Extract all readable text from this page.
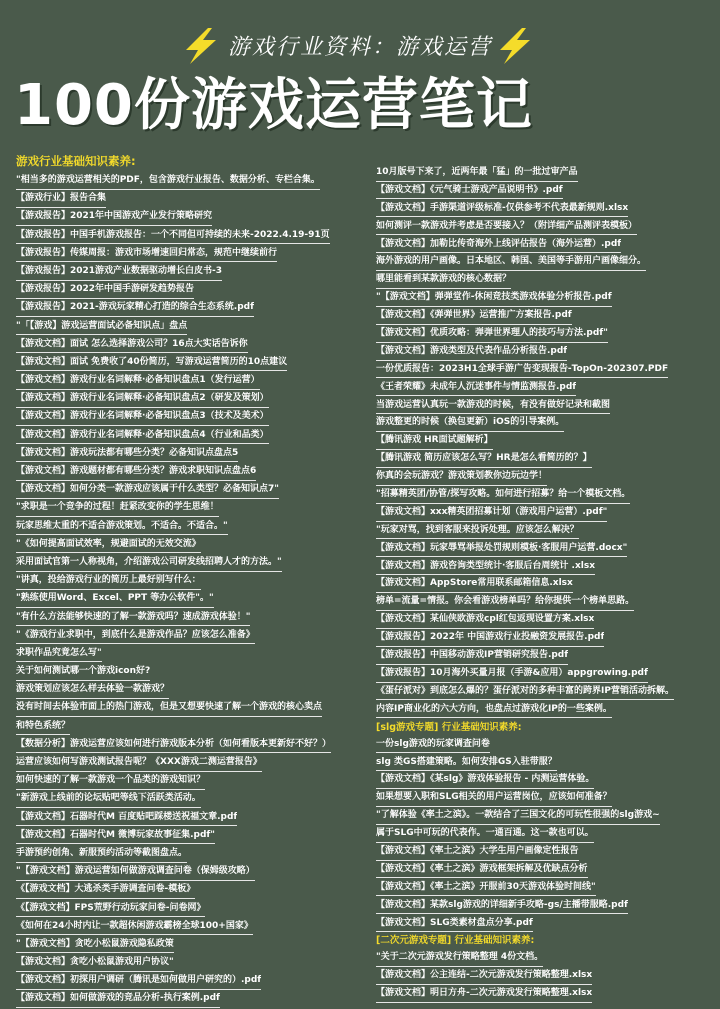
游戏行业资料：游戏运营
100份游戏运营笔记
游戏行业基础知识素养:
"相当多的游戏运营相关的PDF，包含游戏行业报告、数据分析、专栏合集。
【游戏行业】报告合集
【游戏报告】2021年中国游戏产业发行策略研究
【游戏报告】中国手机游戏报告：一个不同但可持续的未来-2022.4.19-91页
【游戏报告】传媒周报：游戏市场增速回归常态，规范中继续前行
【游戏报告】2021游戏产业数据驱动增长白皮书-3
【游戏报告】2022年中国手游研发趋势报告
【游戏报告】2021-游戏玩家精心打造的综合生态系统.pdf
"「【游戏】游戏运营面试必备知识点」盘点
【游戏文档】面试 怎么选择游戏公司？16点大实话告诉你
【游戏文档】面试 免费收了40份简历，写游戏运营简历的10点建议
【游戏文档】游戏行业名词解释·必备知识盘点1（发行运营）
【游戏文档】游戏行业名词解释·必备知识盘点2（研发及策划）
【游戏文档】游戏行业名词解释·必备知识盘点3（技术及美术）
【游戏文档】游戏行业名词解释·必备知识盘点4（行业和品类）
【游戏文档】游戏玩法都有哪些分类？必备知识点盘点5
【游戏文档】游戏题材都有哪些分类？游戏求职知识点盘点6
【游戏文档】如何分类一款游戏应该属于什么类型？必备知识点7"
"求职是一个竞争的过程！赶紧改变你的学生思维！
玩家思维太重的不适合游戏策划。不适合。不适合。"
"《如何提高面试效率，规避面试的无效交流》
采用面试官第一人称视角，介绍游戏公司研发线招聘人才的方法。"
"讲真，投给游戏行业的简历上最好别写什么：
"熟练使用Word、Excel、PPT 等办公软件"。"
"有什么方法能够快速的了解一款游戏吗？速成游戏体验！"
"《游戏行业求职中，到底什么是游戏作品？应该怎么准备》
求职作品究竟怎么写"
关于如何测试哪一个游戏icon好?
游戏策划应该怎么样去体验一款游戏？
没有时间去体验市面上的热门游戏，但是又想要快速了解一个游戏的核心卖点
和特色系统？
【数据分析】游戏运营应该如何进行游戏版本分析（如何看版本更新好不好？）
运营应该如何写游戏测试报告呢？《XXX游戏二测运营报告》
如何快速的了解一款游戏一个品类的游戏知识？
"新游戏上线前的论坛贴吧等线下活跃类活动。
【游戏文档】石器时代M 百度贴吧踩楼送祝福文章.pdf
【游戏文档】石器时代M 微博玩家故事征集.pdf"
手游预约创角、新服预约活动等截图盘点。
"【游戏文档】游戏运营如何做游戏调查问卷（保姆级攻略）
《【游戏文档】大逃杀类手游调查问卷-模板》
《【游戏文档】FPS荒野行动玩家问卷-问卷网》
《如何在24小时内让一款超休闲游戏霸榜全球100+国家》
"【游戏文档】贪吃小松鼠游戏隐私政策
【游戏文档】贪吃小松鼠游戏用户协议"
【游戏文档】初探用户调研（腾讯是如何做用户研究的）.pdf
【游戏文档】如何做游戏的竞品分析-执行案例.pdf
10月版号下来了，近两年最「猛」的一批过审产品
【游戏文档】《元气骑士游戏产品说明书》.pdf
【游戏文档】手游渠道评级标准-仅供参考不代表最新规则.xlsx
如何测评一款游戏并考虑是否要接入？（附详细产品测评表模板）
【游戏文档】加勒比传奇海外上线评估报告（海外运营）.pdf
海外游戏的用户画像。日本地区、韩国、美国等手游用户画像细分。
哪里能看到某款游戏的核心数据？
"【游戏文档】弹弹堂作-休闲竞技类游戏体验分析报告.pdf
【游戏文档】《弹弹世界》运营推广方案报告.pdf
【游戏文档】优质攻略：弹弹世界理人的技巧与方法.pdf"
【游戏文档】游戏类型及代表作品分析报告.pdf
一份优质报告：2023H1全球手游广告变现报告-TopOn-202307.PDF
《王者荣耀》未成年人沉迷事件与情监测报告.pdf
当游戏运营认真玩一款游戏的时候，有没有做好记录和截图
游戏整更的时候（换包更新）iOS的引导案例。
【腾讯游戏 HR面试题解析】
【腾讯游戏 简历应该怎么写？HR是怎么看简历的？】
你真的会玩游戏？游戏策划教你边玩边学！
"招募精英团/协管/探写攻略。如何进行招募？给一个模板文档。
【游戏文档】xxx精英团招募计划（游戏用户运营）.pdf"
"玩家对骂，找到客服来投诉处理。应该怎么解决？
【游戏文档】玩家辱骂举报处罚规则模板·客服用户运营.docx"
【游戏文档】游戏咨询类型统计·客服后台周统计 .xlsx
【游戏文档】AppStore常用联系邮箱信息.xlsx
榜单=流量=情报。你会看游戏榜单吗？给你提供一个榜单思路。
【游戏文档】某仙侠欧游戏cpl红包返现设置方案.xlsx
【游戏报告】2022年 中国游戏行业投融资发展报告.pdf
【游戏报告】中国移动游戏IP营销研究报告.pdf
【游戏报告】10月海外买量月报（手游&应用）appgrowing.pdf
《蛋仔派对》到底怎么爆的？蛋仔派对的多种丰富的跨界IP营销活动拆解。
内容IP商业化的六大方向，也盘点过游戏化IP的一些案例。
[slg游戏专题] 行业基础知识素养:
一份slg游戏的玩家调查问卷
slg 类GS搭建策略。如何安排GS入驻带服？
【游戏文档】《某slg》游戏体验报告 - 内测运营体验。
如果想要入职和SLG相关的用户运营岗位，应该如何准备？
"了解体验《率土之滨》。一款结合了三国文化的可玩性很强的slg游戏~
属于SLG中可玩的代表作。一通百通。这一款也可以。
【游戏文档】《率土之滨》大学生用户画像定性报告
【游戏文档】《率土之滨》游戏框架拆解及优缺点分析
【游戏文档】《率土之滨》开服前30天游戏体验时间线"
【游戏文档】某款slg游戏的详细新手攻略-gs/主播带服略.pdf
【游戏文档】SLG类素材盘点分享.pdf
[二次元游戏专题] 行业基础知识素养:
"关于二次元游戏发行策略整理 4份文档。
【游戏文档】公主连结-二次元游戏发行策略整理.xlsx
【游戏文档】明日方舟-二次元游戏发行策略整理.xlsx
